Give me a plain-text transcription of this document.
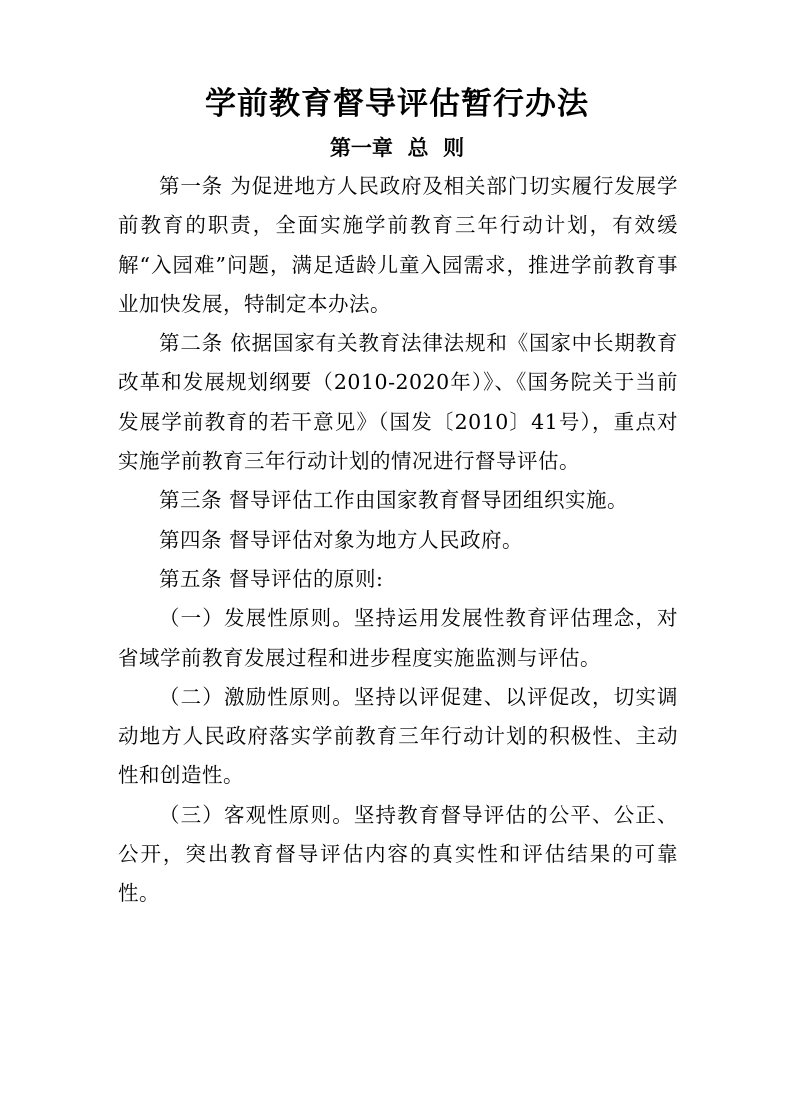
学前教育督导评估暂行办法
第一章  总  则

第一条 为促进地方人民政府及相关部门切实履行发展学前教育的职责，全面实施学前教育三年行动计划，有效缓解“入园难”问题，满足适龄儿童入园需求，推进学前教育事业加快发展，特制定本办法。

第二条 依据国家有关教育法律法规和《国家中长期教育改革和发展规划纲要（2010-2020年）》、《国务院关于当前发展学前教育的若干意见》（国发〔2010〕41号），重点对实施学前教育三年行动计划的情况进行督导评估。

第三条 督导评估工作由国家教育督导团组织实施。

第四条 督导评估对象为地方人民政府。

第五条 督导评估的原则:

（一）发展性原则。坚持运用发展性教育评估理念，对省域学前教育发展过程和进步程度实施监测与评估。

（二）激励性原则。坚持以评促建、以评促改，切实调动地方人民政府落实学前教育三年行动计划的积极性、主动性和创造性。

（三）客观性原则。坚持教育督导评估的公平、公正、公开，突出教育督导评估内容的真实性和评估结果的可靠性。
